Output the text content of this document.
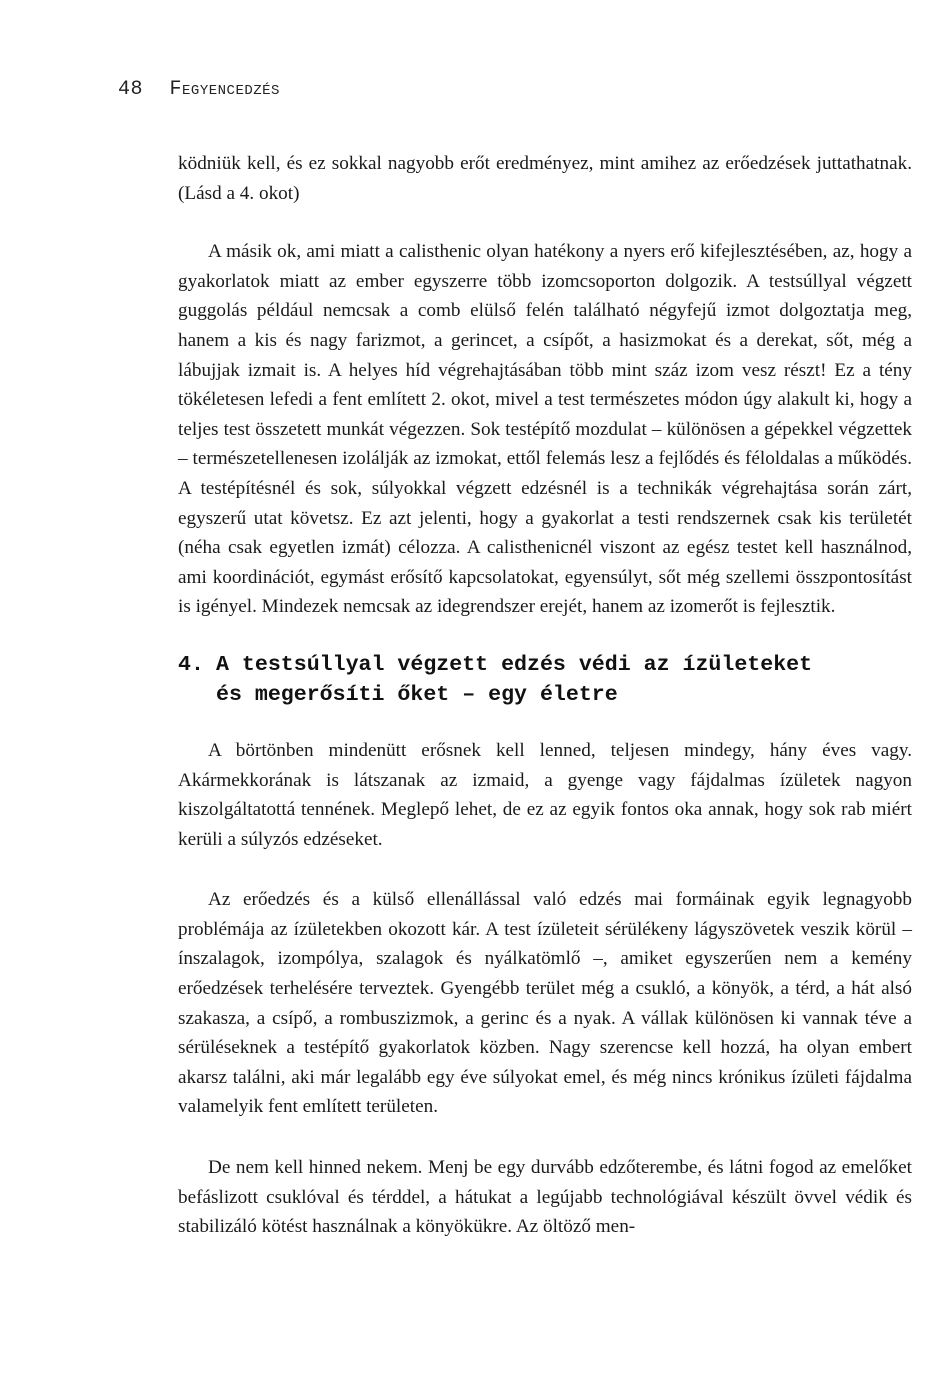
48 Fegyencedzés

ködniük kell, és ez sokkal nagyobb erőt eredményez, mint amihez az erőedzések juttathatnak. (Lásd a 4. okot)

A másik ok, ami miatt a calisthenic olyan hatékony a nyers erő kifejlesztésében, az, hogy a gyakorlatok miatt az ember egyszerre több izomcsoporton dolgozik. A testsúllyal végzett guggolás például nemcsak a comb elülső felén található négyfejű izmot dolgoztatja meg, hanem a kis és nagy farizmot, a gerincet, a csípőt, a hasizmokat és a derekat, sőt, még a lábujjak izmait is. A helyes híd végrehajtásában több mint száz izom vesz részt! Ez a tény tökéletesen lefedi a fent említett 2. okot, mivel a test természetes módon úgy alakult ki, hogy a teljes test összetett munkát végezzen. Sok testépítő mozdulat – különösen a gépekkel végzettek – természetellenesen izolálják az izmokat, ettől felemás lesz a fejlődés és féloldalas a működés. A testépítésnél és sok, súlyokkal végzett edzésnél is a technikák végrehajtása során zárt, egyszerű utat követsz. Ez azt jelenti, hogy a gyakorlat a testi rendszernek csak kis területét (néha csak egyetlen izmát) célozza. A calisthenicnél viszont az egész testet kell használnod, ami koordinációt, egymást erősítő kapcsolatokat, egyensúlyt, sőt még szellemi összpontosítást is igényel. Mindezek nemcsak az idegrendszer erejét, hanem az izomerőt is fejlesztik.

4. A testsúllyal végzett edzés védi az ízületeket
és megerősíti őket – egy életre

A börtönben mindenütt erősnek kell lenned, teljesen mindegy, hány éves vagy. Akármekkorának is látszanak az izmaid, a gyenge vagy fájdalmas ízületek nagyon kiszolgáltatottá tennének. Meglepő lehet, de ez az egyik fontos oka annak, hogy sok rab miért kerüli a súlyzós edzéseket.

Az erőedzés és a külső ellenállással való edzés mai formáinak egyik legnagyobb problémája az ízületekben okozott kár. A test ízületeit sérülékeny lágyszövetek veszik körül – ínszalagok, izompólya, szalagok és nyálkatömlő –, amiket egyszerűen nem a kemény erőedzések terhelésére terveztek. Gyengébb terület még a csukló, a könyök, a térd, a hát alsó szakasza, a csípő, a rombuszizmok, a gerinc és a nyak. A vállak különösen ki vannak téve a sérüléseknek a testépítő gyakorlatok közben. Nagy szerencse kell hozzá, ha olyan embert akarsz találni, aki már legalább egy éve súlyokat emel, és még nincs krónikus ízületi fájdalma valamelyik fent említett területen.

De nem kell hinned nekem. Menj be egy durvább edzőterembe, és látni fogod az emelőket befáslizott csuklóval és térddel, a hátukat a legújabb technológiával készült övvel védik és stabilizáló kötést használnak a könyökükre. Az öltöző men-
